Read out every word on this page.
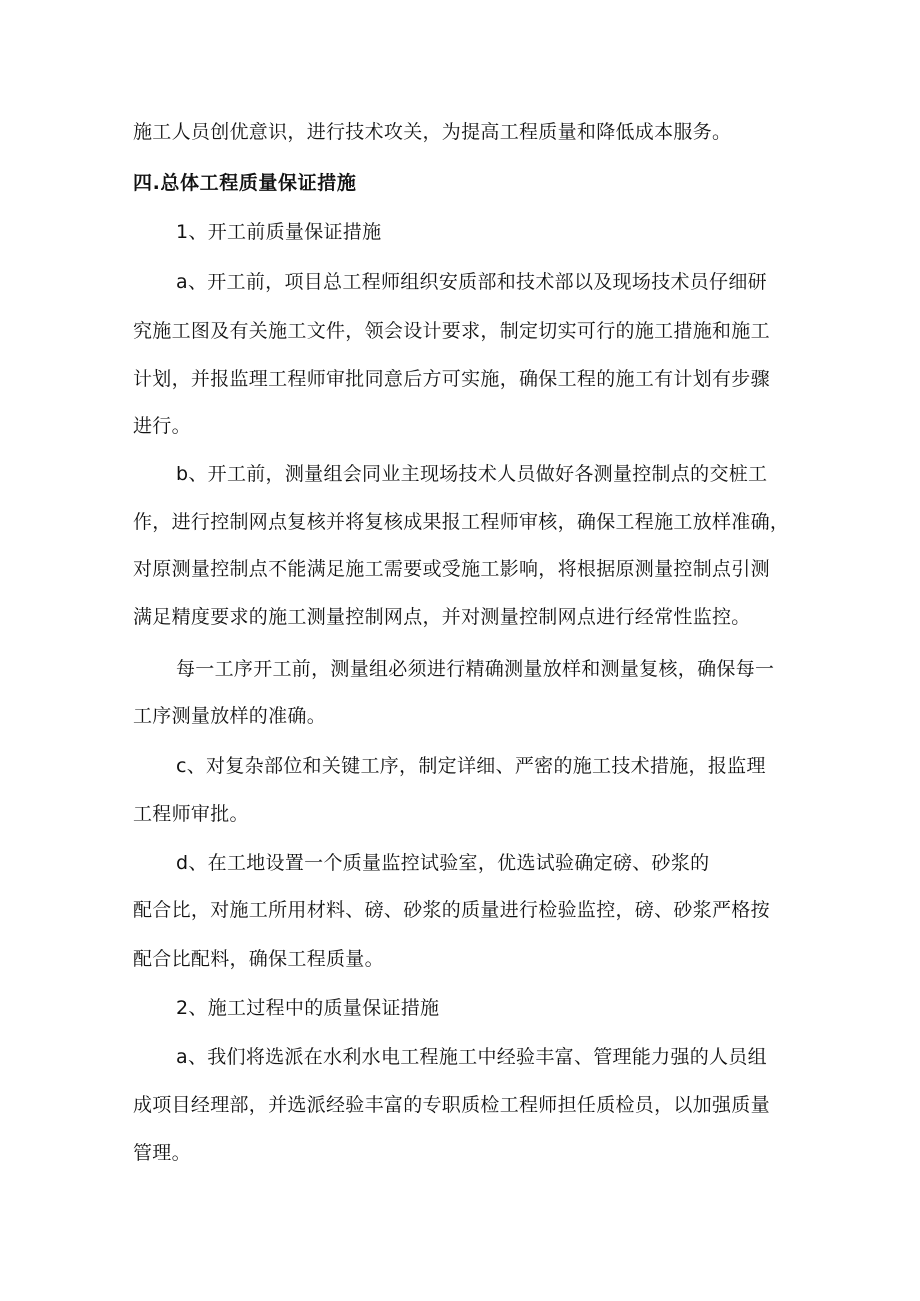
施工人员创优意识，进行技术攻关，为提高工程质量和降低成本服务。
四.总体工程质量保证措施
1、开工前质量保证措施
a、开工前，项目总工程师组织安质部和技术部以及现场技术员仔细研
究施工图及有关施工文件，领会设计要求，制定切实可行的施工措施和施工
计划，并报监理工程师审批同意后方可实施，确保工程的施工有计划有步骤
进行。
b、开工前，测量组会同业主现场技术人员做好各测量控制点的交桩工
作，进行控制网点复核并将复核成果报工程师审核，确保工程施工放样准确，
对原测量控制点不能满足施工需要或受施工影响，将根据原测量控制点引测
满足精度要求的施工测量控制网点，并对测量控制网点进行经常性监控。
每一工序开工前，测量组必须进行精确测量放样和测量复核，确保每一
工序测量放样的准确。
c、对复杂部位和关键工序，制定详细、严密的施工技术措施，报监理
工程师审批。
d、在工地设置一个质量监控试验室，优选试验确定磅、砂浆的
配合比，对施工所用材料、磅、砂浆的质量进行检验监控，磅、砂浆严格按
配合比配料，确保工程质量。
2、施工过程中的质量保证措施
a、我们将选派在水利水电工程施工中经验丰富、管理能力强的人员组
成项目经理部，并选派经验丰富的专职质检工程师担任质检员，以加强质量
管理。
